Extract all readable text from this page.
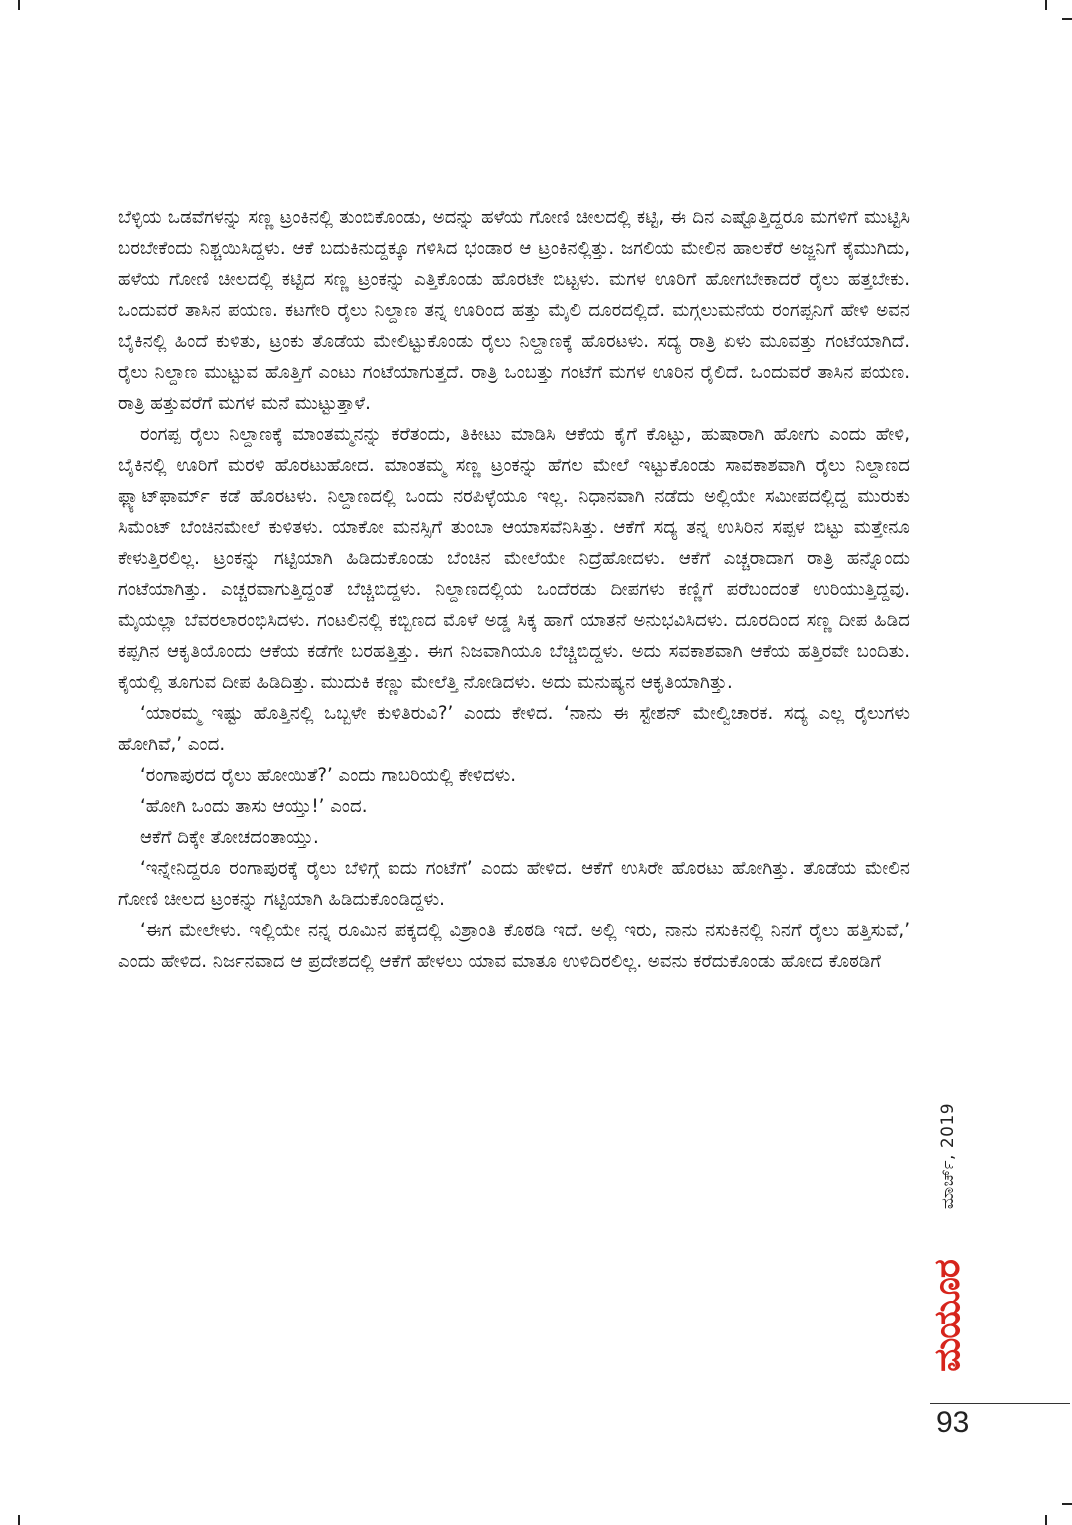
ಬೆಳ್ಳಿಯ ಒಡವೆಗಳನ್ನು ಸಣ್ಣ ಟ್ರಂಕಿನಲ್ಲಿ ತುಂಬಿಕೊಂಡು, ಅದನ್ನು ಹಳೆಯ ಗೋಣಿ ಚೀಲದಲ್ಲಿ ಕಟ್ಟಿ, ಈ ದಿನ ಎಷ್ಟೊತ್ತಿದ್ದರೂ ಮಗಳಿಗೆ ಮುಟ್ಟಿಸಿ ಬರಬೇಕೆಂದು ನಿಶ್ಚಯಿಸಿದ್ದಳು. ಆಕೆ ಬದುಕಿನುದ್ದಕ್ಕೂ ಗಳಿಸಿದ ಭಂಡಾರ ಆ ಟ್ರಂಕಿನಲ್ಲಿತ್ತು. ಜಗಲಿಯ ಮೇಲಿನ ಹಾಲಕೆರೆ ಅಜ್ಜನಿಗೆ ಕೈಮುಗಿದು, ಹಳೆಯ ಗೋಣಿ ಚೀಲದಲ್ಲಿ ಕಟ್ಟಿದ ಸಣ್ಣ ಟ್ರಂಕನ್ನು ಎತ್ತಿಕೊಂಡು ಹೊರಟೇ ಬಿಟ್ಟಳು. ಮಗಳ ಊರಿಗೆ ಹೋಗಬೇಕಾದರೆ ರೈಲು ಹತ್ತಬೇಕು. ಒಂದುವರೆ ತಾಸಿನ ಪಯಣ. ಕಟಗೇರಿ ರೈಲು ನಿಲ್ದಾಣ ತನ್ನ ಊರಿಂದ ಹತ್ತು ಮೈಲಿ ದೂರದಲ್ಲಿದೆ. ಮಗ್ಗಲುಮನೆಯ ರಂಗಪ್ಪನಿಗೆ ಹೇಳಿ ಅವನ ಬೈಕಿನಲ್ಲಿ ಹಿಂದೆ ಕುಳಿತು, ಟ್ರಂಕು ತೊಡೆಯ ಮೇಲಿಟ್ಟುಕೊಂಡು ರೈಲು ನಿಲ್ದಾಣಕ್ಕೆ ಹೊರಟಳು. ಸದ್ಯ ರಾತ್ರಿ ಏಳು ಮೂವತ್ತು ಗಂಟೆಯಾಗಿದೆ. ರೈಲು ನಿಲ್ದಾಣ ಮುಟ್ಟುವ ಹೊತ್ತಿಗೆ ಎಂಟು ಗಂಟೆಯಾಗುತ್ತದೆ. ರಾತ್ರಿ ಒಂಬತ್ತು ಗಂಟೆಗೆ ಮಗಳ ಊರಿನ ರೈಲಿದೆ. ಒಂದುವರೆ ತಾಸಿನ ಪಯಣ. ರಾತ್ರಿ ಹತ್ತುವರೆಗೆ ಮಗಳ ಮನೆ ಮುಟ್ಟುತ್ತಾಳೆ.

ರಂಗಪ್ಪ ರೈಲು ನಿಲ್ದಾಣಕ್ಕೆ ಮಾಂತಮ್ಮನನ್ನು ಕರೆತಂದು, ತಿಕೀಟು ಮಾಡಿಸಿ ಆಕೆಯ ಕೈಗೆ ಕೊಟ್ಟು, ಹುಷಾರಾಗಿ ಹೋಗು ಎಂದು ಹೇಳಿ, ಬೈಕಿನಲ್ಲಿ ಊರಿಗೆ ಮರಳಿ ಹೊರಟುಹೋದ. ಮಾಂತಮ್ಮ ಸಣ್ಣ ಟ್ರಂಕನ್ನು ಹೆಗಲ ಮೇಲೆ ಇಟ್ಟುಕೊಂಡು ಸಾವಕಾಶವಾಗಿ ರೈಲು ನಿಲ್ದಾಣದ ಫ್ಲ್ಯಾಟ್‌ಫಾರ್ಮ್ ಕಡೆ ಹೊರಟಳು. ನಿಲ್ದಾಣದಲ್ಲಿ ಒಂದು ನರಪಿಳ್ಳೆಯೂ ಇಲ್ಲ. ನಿಧಾನವಾಗಿ ನಡೆದು ಅಲ್ಲಿಯೇ ಸಮೀಪದಲ್ಲಿದ್ದ ಮುರುಕು ಸಿಮೆಂಟ್ ಬೆಂಚಿನಮೇಲೆ ಕುಳಿತಳು. ಯಾಕೋ ಮನಸ್ಸಿಗೆ ತುಂಬಾ ಆಯಾಸವೆನಿಸಿತ್ತು. ಆಕೆಗೆ ಸದ್ಯ ತನ್ನ ಉಸಿರಿನ ಸಪ್ಪಳ ಬಿಟ್ಟು ಮತ್ತೇನೂ ಕೇಳುತ್ತಿರಲಿಲ್ಲ. ಟ್ರಂಕನ್ನು ಗಟ್ಟಿಯಾಗಿ ಹಿಡಿದುಕೊಂಡು ಬೆಂಚಿನ ಮೇಲೆಯೇ ನಿದ್ರೆಹೋದಳು. ಆಕೆಗೆ ಎಚ್ಚರಾದಾಗ ರಾತ್ರಿ ಹನ್ನೊಂದು ಗಂಟೆಯಾಗಿತ್ತು. ಎಚ್ಚರವಾಗುತ್ತಿದ್ದಂತೆ ಬೆಚ್ಚಿಬಿದ್ದಳು. ನಿಲ್ದಾಣದಲ್ಲಿಯ ಒಂದೆರಡು ದೀಪಗಳು ಕಣ್ಣಿಗೆ ಪರೆಬಂದಂತೆ ಉರಿಯುತ್ತಿದ್ದವು. ಮೈಯಲ್ಲಾ ಬೆವರಲಾರಂಭಿಸಿದಳು. ಗಂಟಲಿನಲ್ಲಿ ಕಬ್ಬಿಣದ ಮೊಳೆ ಅಡ್ಡ ಸಿಕ್ಕ ಹಾಗೆ ಯಾತನೆ ಅನುಭವಿಸಿದಳು. ದೂರದಿಂದ ಸಣ್ಣ ದೀಪ ಹಿಡಿದ ಕಪ್ಪಗಿನ ಆಕೃತಿಯೊಂದು ಆಕೆಯ ಕಡೆಗೇ ಬರಹತ್ತಿತ್ತು. ಈಗ ನಿಜವಾಗಿಯೂ ಬೆಚ್ಚಿಬಿದ್ದಳು. ಅದು ಸವಕಾಶವಾಗಿ ಆಕೆಯ ಹತ್ತಿರವೇ ಬಂದಿತು. ಕೈಯಲ್ಲಿ ತೂಗುವ ದೀಪ ಹಿಡಿದಿತ್ತು. ಮುದುಕಿ ಕಣ್ಣು ಮೇಲೆತ್ತಿ ನೋಡಿದಳು. ಅದು ಮನುಷ್ಯನ ಆಕೃತಿಯಾಗಿತ್ತು.

‘ಯಾರಮ್ಮ ಇಷ್ಟು ಹೊತ್ತಿನಲ್ಲಿ ಒಬ್ಬಳೇ ಕುಳಿತಿರುವಿ?’ ಎಂದು ಕೇಳಿದ. ‘ನಾನು ಈ ಸ್ಟೇಶನ್ ಮೇಲ್ವಿಚಾರಕ. ಸದ್ಯ ಎಲ್ಲ ರೈಲುಗಳು ಹೋಗಿವೆ,’ ಎಂದ.

‘ರಂಗಾಪುರದ ರೈಲು ಹೋಯಿತೆ?’ ಎಂದು ಗಾಬರಿಯಲ್ಲಿ ಕೇಳಿದಳು.

‘ಹೋಗಿ ಒಂದು ತಾಸು ಆಯ್ತು!’ ಎಂದ.

ಆಕೆಗೆ ದಿಕ್ಕೇ ತೋಚದಂತಾಯ್ತು.

‘ಇನ್ನೇನಿದ್ದರೂ ರಂಗಾಪುರಕ್ಕೆ ರೈಲು ಬೆಳಿಗ್ಗೆ ಐದು ಗಂಟೆಗೆ’ ಎಂದು ಹೇಳಿದ. ಆಕೆಗೆ ಉಸಿರೇ ಹೊರಟು ಹೋಗಿತ್ತು. ತೊಡೆಯ ಮೇಲಿನ ಗೋಣಿ ಚೀಲದ ಟ್ರಂಕನ್ನು ಗಟ್ಟಿಯಾಗಿ ಹಿಡಿದುಕೊಂಡಿದ್ದಳು.

‘ಈಗ ಮೇಲೇಳು. ಇಲ್ಲಿಯೇ ನನ್ನ ರೂಮಿನ ಪಕ್ಕದಲ್ಲಿ ವಿಶ್ರಾಂತಿ ಕೊಠಡಿ ಇದೆ. ಅಲ್ಲಿ ಇರು, ನಾನು ನಸುಕಿನಲ್ಲಿ ನಿನಗೆ ರೈಲು ಹತ್ತಿಸುವೆ,’ ಎಂದು ಹೇಳಿದ. ನಿರ್ಜನವಾದ ಆ ಪ್ರದೇಶದಲ್ಲಿ ಆಕೆಗೆ ಹೇಳಲು ಯಾವ ಮಾತೂ ಉಳಿದಿರಲಿಲ್ಲ. ಅವನು ಕರೆದುಕೊಂಡು ಹೋದ ಕೊಠಡಿಗೆ

ಮಾರ್ಚ್, 2019
ಮಯೂರ
93
